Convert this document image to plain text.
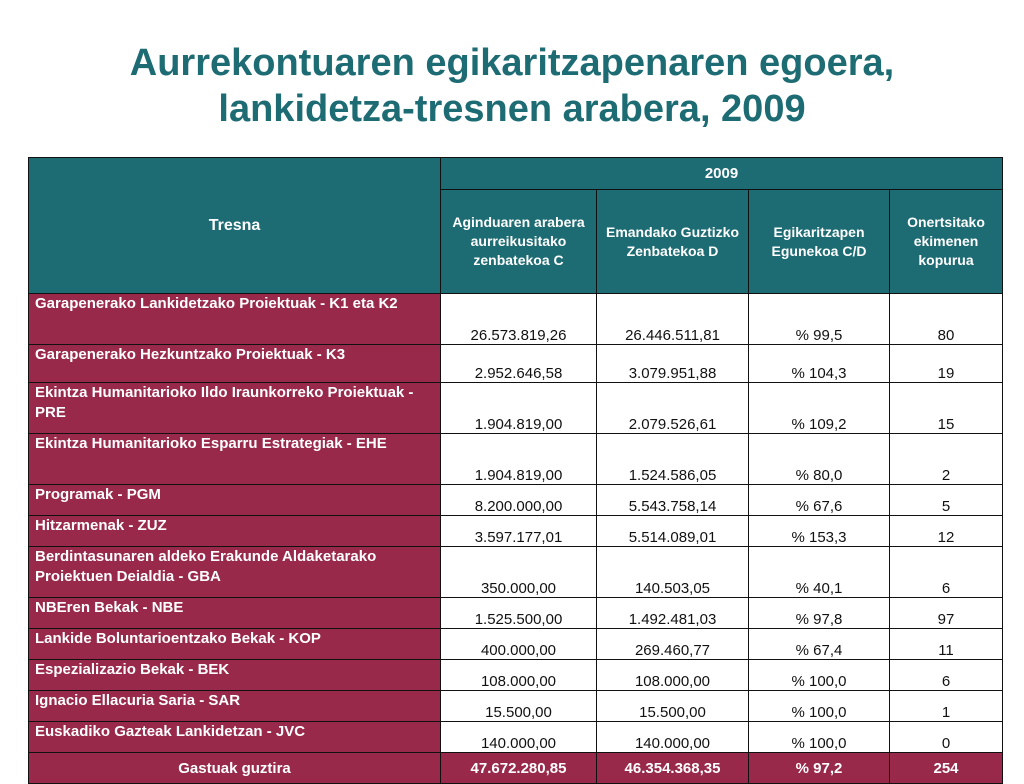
Aurrekontuaren egikaritzapenaren egoera,
lankidetza-tresnen arabera, 2009
Tresna	2009			
	Aginduaren arabera aurreikusitako zenbatekoa C	Emandako Guztizko Zenbatekoa D	Egikaritzapen Egunekoa C/D	Onertsitako ekimenen kopurua
Garapenerako Lankidetzako Proiektuak - K1 eta K2	26.573.819,26	26.446.511,81	% 99,5	80
Garapenerako Hezkuntzako Proiektuak - K3	2.952.646,58	3.079.951,88	% 104,3	19
Ekintza Humanitarioko Ildo Iraunkorreko Proiektuak - PRE	1.904.819,00	2.079.526,61	% 109,2	15
Ekintza Humanitarioko Esparru Estrategiak - EHE	1.904.819,00	1.524.586,05	% 80,0	2
Programak - PGM	8.200.000,00	5.543.758,14	% 67,6	5
Hitzarmenak - ZUZ	3.597.177,01	5.514.089,01	% 153,3	12
Berdintasunaren aldeko Erakunde Aldaketarako Proiektuen Deialdia - GBA	350.000,00	140.503,05	% 40,1	6
NBEren Bekak - NBE	1.525.500,00	1.492.481,03	% 97,8	97
Lankide Boluntarioentzako Bekak - KOP	400.000,00	269.460,77	% 67,4	11
Espezializazio Bekak - BEK	108.000,00	108.000,00	% 100,0	6
Ignacio Ellacuria Saria - SAR	15.500,00	15.500,00	% 100,0	1
Euskadiko Gazteak Lankidetzan - JVC	140.000,00	140.000,00	% 100,0	0
Gastuak guztira	47.672.280,85	46.354.368,35	% 97,2	254
